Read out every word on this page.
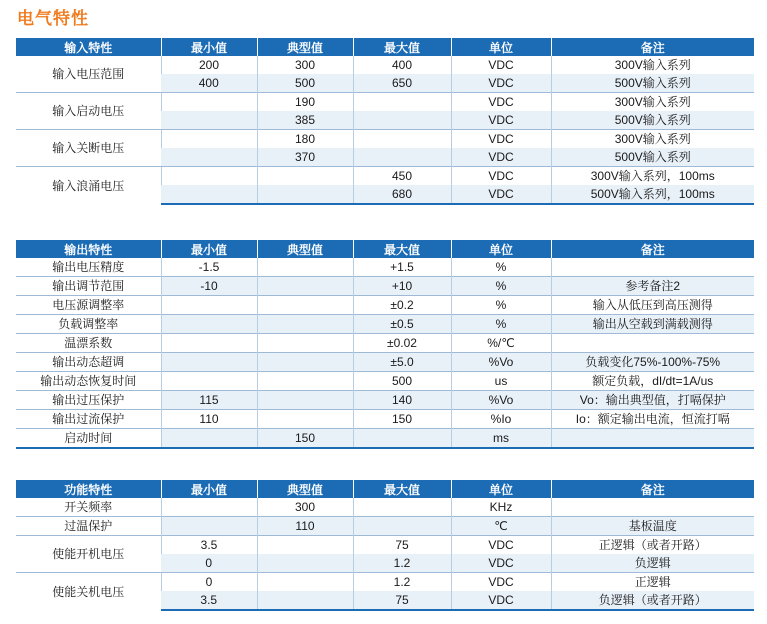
电气特性
输入特性	最小值	典型值	最大值	单位	备注
输入电压范围	200	300	400	VDC	300V输入系列
	400	500	650	VDC	500V输入系列
输入启动电压		190		VDC	300V输入系列
		385		VDC	500V输入系列
输入关断电压		180		VDC	300V输入系列
		370		VDC	500V输入系列
输入浪涌电压			450	VDC	300V输入系列，100ms
			680	VDC	500V输入系列，100ms
输出特性	最小值	典型值	最大值	单位	备注
输出电压精度	-1.5		+1.5	%	
输出调节范围	-10		+10	%	参考备注2
电压源调整率			±0.2	%	输入从低压到高压测得
负载调整率			±0.5	%	输出从空载到满载测得
温漂系数			±0.02	%/℃	
输出动态超调			±5.0	%Vo	负载变化75%-100%-75%
输出动态恢复时间			500	us	额定负载，dI/dt=1A/us
输出过压保护	115		140	%Vo	Vo：输出典型值，打嗝保护
输出过流保护	110		150	%Io	Io：额定输出电流，恒流打嗝
启动时间		150		ms	
功能特性	最小值	典型值	最大值	单位	备注
开关频率		300		KHz	
过温保护		110		℃	基板温度
使能开机电压	3.5		75	VDC	正逻辑（或者开路）
	0		1.2	VDC	负逻辑
使能关机电压	0		1.2	VDC	正逻辑
	3.5		75	VDC	负逻辑（或者开路）
